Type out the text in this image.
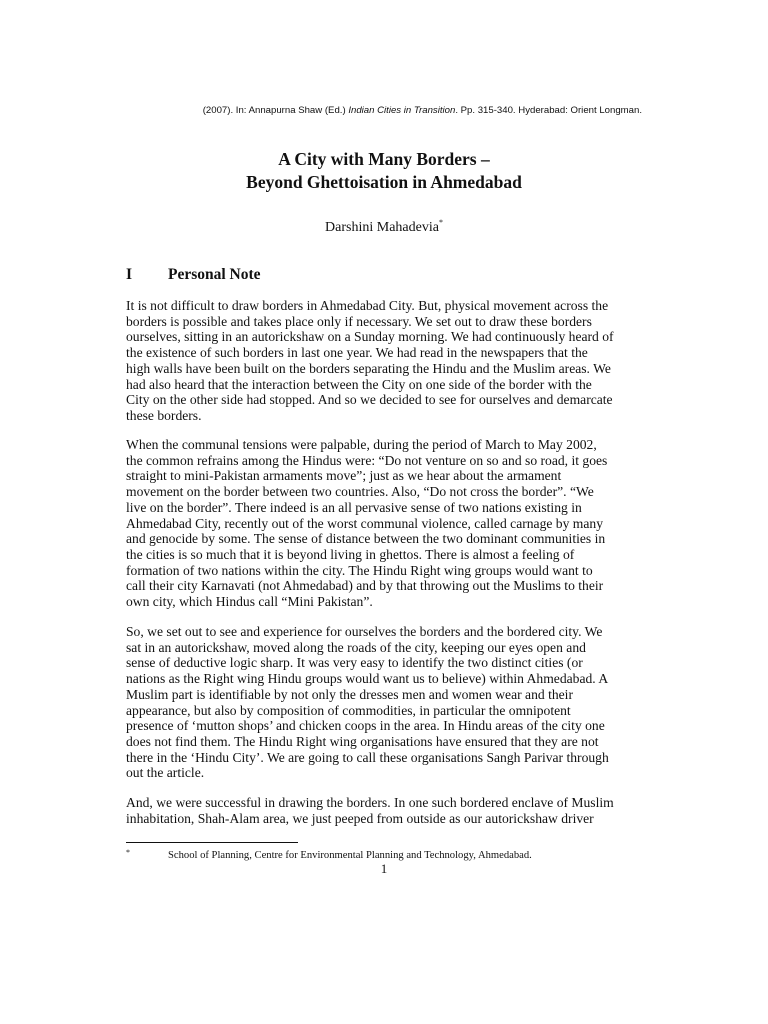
(2007). In: Annapurna Shaw (Ed.) Indian Cities in Transition. Pp. 315-340. Hyderabad: Orient Longman.
A City with Many Borders –
Beyond Ghettoisation in Ahmedabad
Darshini Mahadevia*
I Personal Note
It is not difficult to draw borders in Ahmedabad City. But, physical movement across the
borders is possible and takes place only if necessary. We set out to draw these borders
ourselves, sitting in an autorickshaw on a Sunday morning. We had continuously heard of
the existence of such borders in last one year. We had read in the newspapers that the
high walls have been built on the borders separating the Hindu and the Muslim areas. We
had also heard that the interaction between the City on one side of the border with the
City on the other side had stopped. And so we decided to see for ourselves and demarcate
these borders.
When the communal tensions were palpable, during the period of March to May 2002,
the common refrains among the Hindus were: “Do not venture on so and so road, it goes
straight to mini-Pakistan armaments move”; just as we hear about the armament
movement on the border between two countries. Also, “Do not cross the border”. “We
live on the border”. There indeed is an all pervasive sense of two nations existing in
Ahmedabad City, recently out of the worst communal violence, called carnage by many
and genocide by some. The sense of distance between the two dominant communities in
the cities is so much that it is beyond living in ghettos. There is almost a feeling of
formation of two nations within the city. The Hindu Right wing groups would want to
call their city Karnavati (not Ahmedabad) and by that throwing out the Muslims to their
own city, which Hindus call “Mini Pakistan”.
So, we set out to see and experience for ourselves the borders and the bordered city. We
sat in an autorickshaw, moved along the roads of the city, keeping our eyes open and
sense of deductive logic sharp. It was very easy to identify the two distinct cities (or
nations as the Right wing Hindu groups would want us to believe) within Ahmedabad. A
Muslim part is identifiable by not only the dresses men and women wear and their
appearance, but also by composition of commodities, in particular the omnipotent
presence of ‘mutton shops’ and chicken coops in the area. In Hindu areas of the city one
does not find them. The Hindu Right wing organisations have ensured that they are not
there in the ‘Hindu City’. We are going to call these organisations Sangh Parivar through
out the article.
And, we were successful in drawing the borders. In one such bordered enclave of Muslim
inhabitation, Shah-Alam area, we just peeped from outside as our autorickshaw driver
*	School of Planning, Centre for Environmental Planning and Technology, Ahmedabad.
1
